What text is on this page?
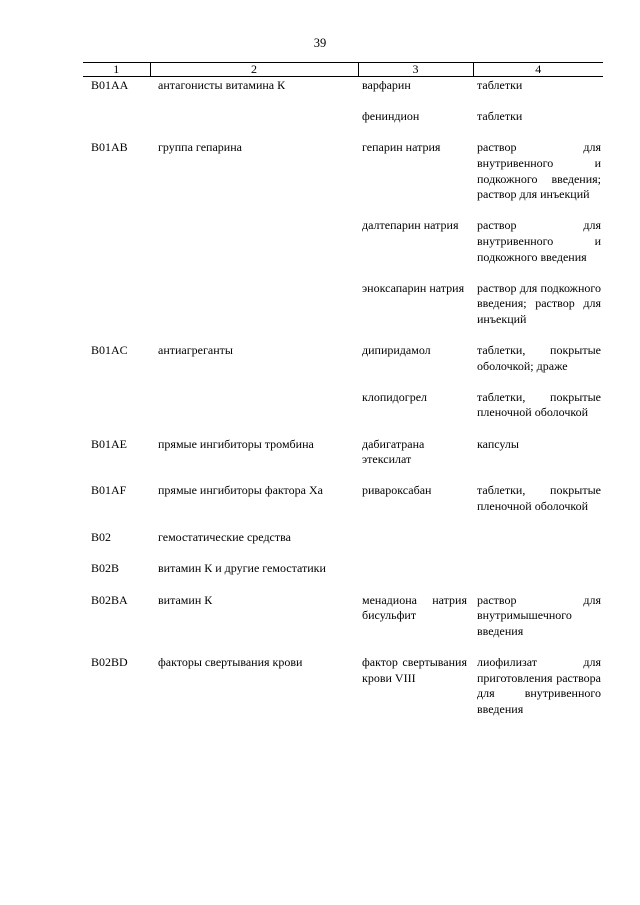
39
1	2	3	4
B01AA	антагонисты витамина К	варфарин	таблетки
		фениндион	таблетки
B01AB	группа гепарина	гепарин натрия	раствор для внутривенного и подкожного введения; раствор для инъекций
		далтепарин натрия	раствор для внутривенного и подкожного введения
		эноксапарин натрия	раствор для подкожного введения; раствор для инъекций
B01AC	антиагреганты	дипиридамол	таблетки, покрытые оболочкой; драже
		клопидогрел	таблетки, покрытые пленочной оболочкой
B01AE	прямые ингибиторы тромбина	дабигатрана этексилат	капсулы
B01AF	прямые ингибиторы фактора Ха	ривароксабан	таблетки, покрытые пленочной оболочкой
B02	гемостатические средства		
B02B	витамин К и другие гемостатики		
B02BA	витамин К	менадиона натрия бисульфит	раствор для внутримышечного введения
B02BD	факторы свертывания крови	фактор свертывания крови VIII	лиофилизат для приготовления раствора для внутривенного введения
